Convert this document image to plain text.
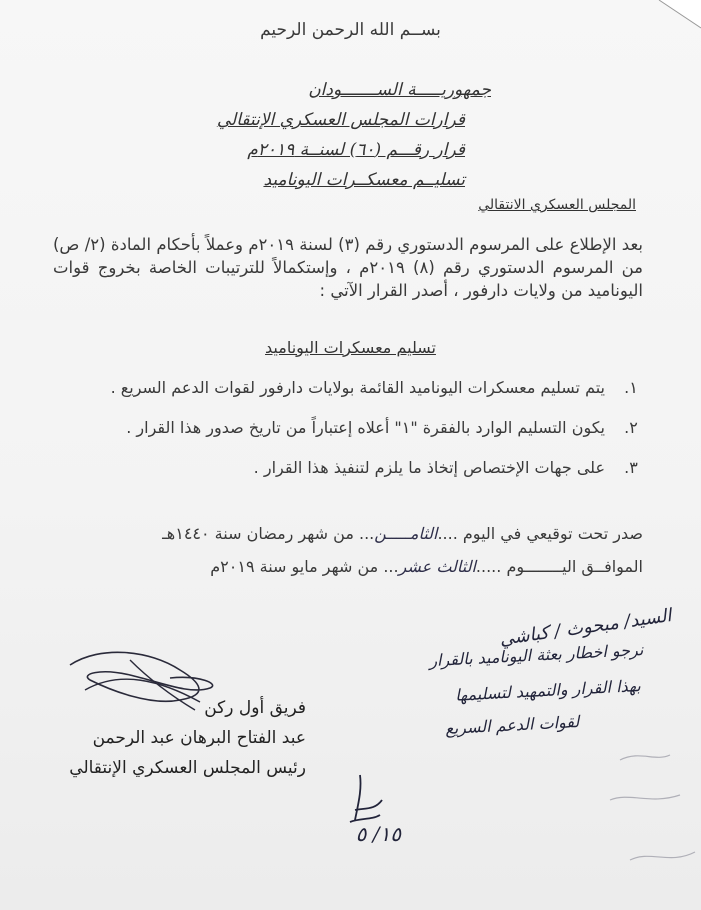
بســم الله الرحمن الرحيم
جمهوريـــــة الســـــــودان
قرارات المجلس العسكري الإنتقالي
قرار رقـــم (٦٠) لسنــة ٢٠١٩م
تسليــم معسكــرات اليوناميد
المجلس العسكري الانتقالي
بعد الإطلاع على المرسوم الدستوري رقم (٣) لسنة ٢٠١٩م وعملاً بأحكام المادة (٢/ ص) من المرسوم الدستوري رقم (٨) ٢٠١٩م ، وإستكمالاً للترتيبات الخاصة بخروج قوات اليوناميد من ولايات دارفور ، أصدر القرار الآتي :
تسليم معسكرات اليوناميد
١.يتم تسليم معسكرات اليوناميد القائمة بولايات دارفور لقوات الدعم السريع .
٢.يكون التسليم الوارد بالفقرة "١" أعلاه إعتباراً من تاريخ صدور هذا القرار .
٣.على جهات الإختصاص إتخاذ ما يلزم لتنفيذ هذا القرار .
صدر تحت توقيعي في اليوم ....الثامـــــن... من شهر رمضان سنة ١٤٤٠هـ
الموافــق اليــــــــوم .....الثالث عشر... من شهر مايو سنة ٢٠١٩م
السيد/ مبحوث / كباشي
نرجو اخطار بعثة اليوناميد بالقرار
بهذا القرار والتمهيد لتسليمها
لقوات الدعم السريع
١٥/ ٥
فريق أول ركن
عبد الفتاح البرهان عبد الرحمن
رئيس المجلس العسكري الإنتقالي
